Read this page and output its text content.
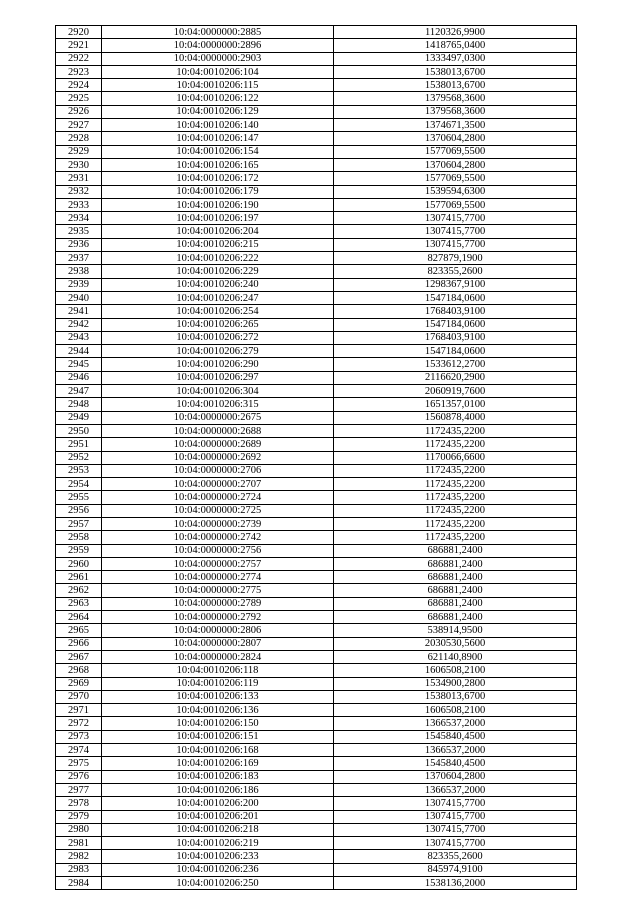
2920	10:04:0000000:2885	1120326,9900
2921	10:04:0000000:2896	1418765,0400
2922	10:04:0000000:2903	1333497,0300
2923	10:04:0010206:104	1538013,6700
2924	10:04:0010206:115	1538013,6700
2925	10:04:0010206:122	1379568,3600
2926	10:04:0010206:129	1379568,3600
2927	10:04:0010206:140	1374671,3500
2928	10:04:0010206:147	1370604,2800
2929	10:04:0010206:154	1577069,5500
2930	10:04:0010206:165	1370604,2800
2931	10:04:0010206:172	1577069,5500
2932	10:04:0010206:179	1539594,6300
2933	10:04:0010206:190	1577069,5500
2934	10:04:0010206:197	1307415,7700
2935	10:04:0010206:204	1307415,7700
2936	10:04:0010206:215	1307415,7700
2937	10:04:0010206:222	827879,1900
2938	10:04:0010206:229	823355,2600
2939	10:04:0010206:240	1298367,9100
2940	10:04:0010206:247	1547184,0600
2941	10:04:0010206:254	1768403,9100
2942	10:04:0010206:265	1547184,0600
2943	10:04:0010206:272	1768403,9100
2944	10:04:0010206:279	1547184,0600
2945	10:04:0010206:290	1533612,2700
2946	10:04:0010206:297	2116620,2900
2947	10:04:0010206:304	2060919,7600
2948	10:04:0010206:315	1651357,0100
2949	10:04:0000000:2675	1560878,4000
2950	10:04:0000000:2688	1172435,2200
2951	10:04:0000000:2689	1172435,2200
2952	10:04:0000000:2692	1170066,6600
2953	10:04:0000000:2706	1172435,2200
2954	10:04:0000000:2707	1172435,2200
2955	10:04:0000000:2724	1172435,2200
2956	10:04:0000000:2725	1172435,2200
2957	10:04:0000000:2739	1172435,2200
2958	10:04:0000000:2742	1172435,2200
2959	10:04:0000000:2756	686881,2400
2960	10:04:0000000:2757	686881,2400
2961	10:04:0000000:2774	686881,2400
2962	10:04:0000000:2775	686881,2400
2963	10:04:0000000:2789	686881,2400
2964	10:04:0000000:2792	686881,2400
2965	10:04:0000000:2806	538914,9500
2966	10:04:0000000:2807	2030530,5600
2967	10:04:0000000:2824	621140,8900
2968	10:04:0010206:118	1606508,2100
2969	10:04:0010206:119	1534900,2800
2970	10:04:0010206:133	1538013,6700
2971	10:04:0010206:136	1606508,2100
2972	10:04:0010206:150	1366537,2000
2973	10:04:0010206:151	1545840,4500
2974	10:04:0010206:168	1366537,2000
2975	10:04:0010206:169	1545840,4500
2976	10:04:0010206:183	1370604,2800
2977	10:04:0010206:186	1366537,2000
2978	10:04:0010206:200	1307415,7700
2979	10:04:0010206:201	1307415,7700
2980	10:04:0010206:218	1307415,7700
2981	10:04:0010206:219	1307415,7700
2982	10:04:0010206:233	823355,2600
2983	10:04:0010206:236	845974,9100
2984	10:04:0010206:250	1538136,2000
